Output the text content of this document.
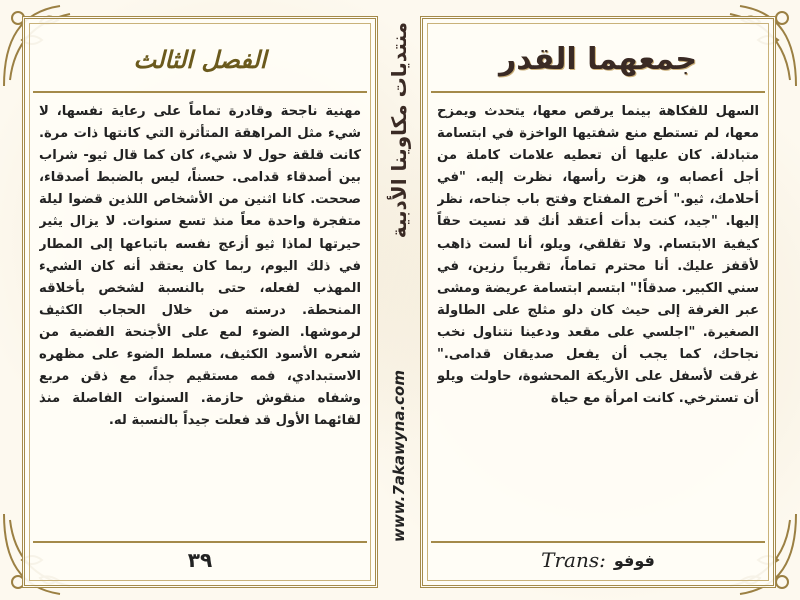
الفصل الثالث
مهنية ناجحة وقادرة تماماً على رعاية نفسها، لا شيء مثل المراهقة المتأثرة التي كانتها ذات مرة. كانت قلقة حول لا شيء، كان كما قال ثيو- شراب بين أصدقاء قدامى. حسناً، ليس بالضبط أصدقاء، صححت. كانا اثنين من الأشخاص اللذين قضوا ليلة متفجرة واحدة معاً منذ تسع سنوات. لا يزال يثير حيرتها لماذا ثيو أزعج نفسه باتباعها إلى المطار في ذلك اليوم، ربما كان يعتقد أنه كان الشيء المهذب لفعله، حتى بالنسبة لشخص بأخلاقه المنحطة. درسته من خلال الحجاب الكثيف لرموشها. الضوء لمع على الأجنحة الفضية من شعره الأسود الكثيف، مسلط الضوء على مظهره الاستبدادي، فمه مستقيم جداً، مع ذقن مربع وشفاه منقوش حازمة. السنوات الفاصلة منذ لقائهما الأول قد فعلت جيداً بالنسبة له.
٣٩
منتديات مكاوينا الأدبية
www.7akawyna.com
جمعهما القدر
السهل للفكاهة بينما يرقص معها، يتحدث ويمزح معها، لم تستطع منع شفتيها الواخزة في ابتسامة متبادلة. كان عليها أن تعطيه علامات كاملة من أجل أعصابه و، هزت رأسها، نظرت إليه. "في أحلامك، ثيو." أخرج المفتاح وفتح باب جناحه، نظر إليها. "جيد، كنت بدأت أعتقد أنك قد نسيت حقاً كيفية الابتسام. ولا تقلقي، ويلو، أنا لست ذاهب لأقفز عليك. أنا محترم تماماً، تقريباً رزين، في سني الكبير. صدقاً!" ابتسم ابتسامة عريضة ومشى عبر الغرفة إلى حيث كان دلو مثلج على الطاولة الصغيرة. "اجلسي على مقعد ودعينا نتناول نخب نجاحك، كما يجب أن يفعل صديقان قدامى." غرقت لأسفل على الأريكة المحشوة، حاولت ويلو أن تسترخي. كانت امرأة مع حياة
Trans: فوفو
